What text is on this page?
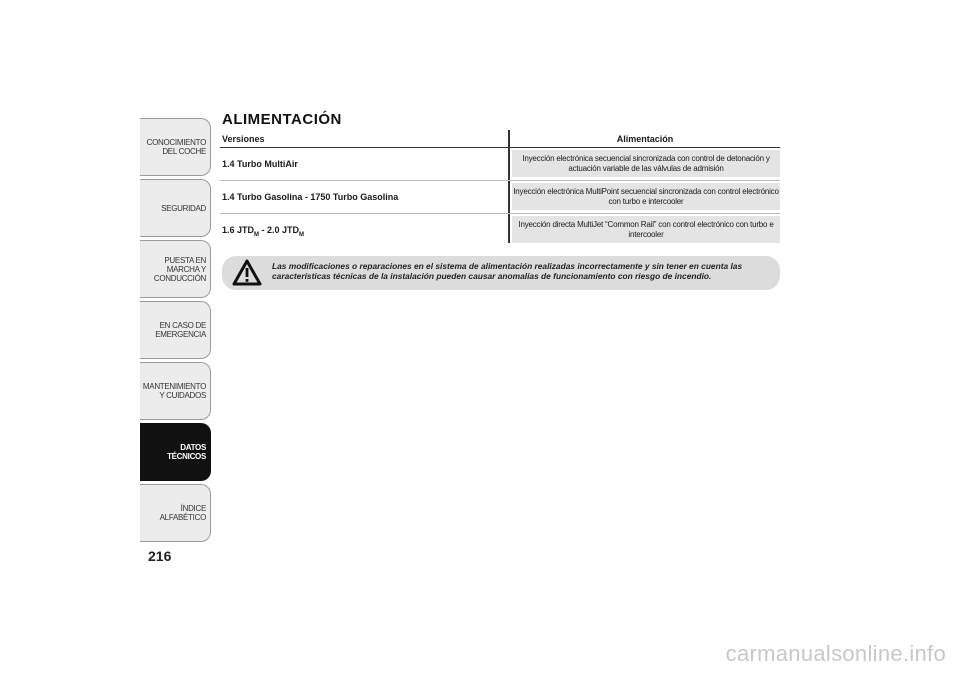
CONOCIMIENTO DEL COCHE
SEGURIDAD
PUESTA EN MARCHA Y CONDUCCIÓN
EN CASO DE EMERGENCIA
MANTENIMIENTO Y CUIDADOS
DATOS TÉCNICOS
ÍNDICE ALFABÉTICO
216
ALIMENTACIÓN
Versiones	Alimentación
1.4 Turbo MultiAir
Inyección electrónica secuencial sincronizada con control de detonación y actuación variable de las válvulas de admisión
1.4 Turbo Gasolina - 1750 Turbo Gasolina
Inyección electrónica MultiPoint secuencial sincronizada con control electrónico con turbo e intercooler
1.6 $JTD_M - 2.0$ $JTD_M$
Inyección directa MultiJet “Common Rail” con control electrónico con turbo e intercooler
Las modificaciones o reparaciones en el sistema de alimentación realizadas incorrectamente y sin tener en cuenta las características técnicas de la instalación pueden causar anomalías de funcionamiento con riesgo de incendio.
carmanualsonline.info
